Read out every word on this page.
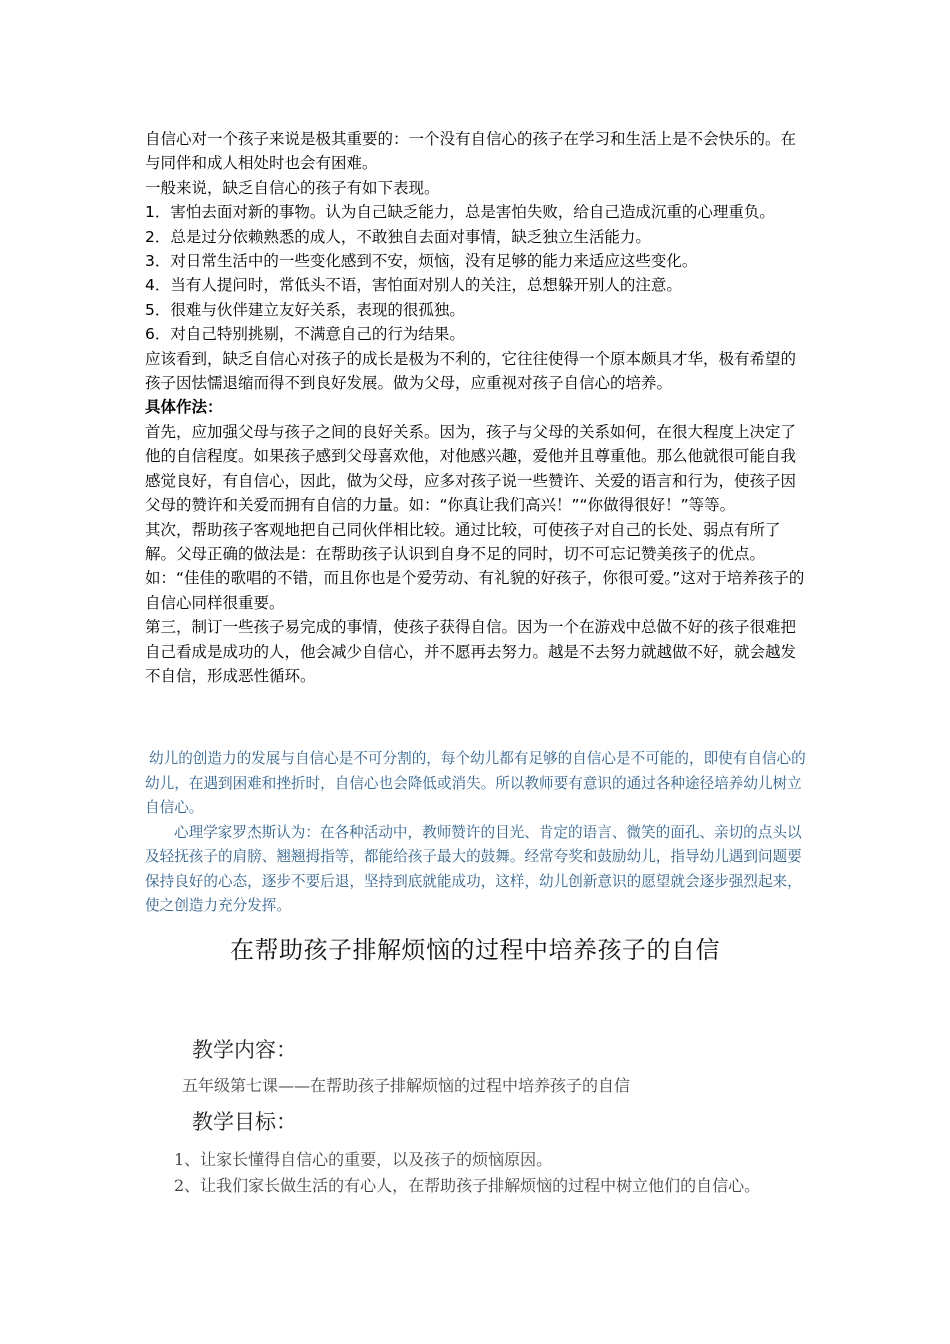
自信心对一个孩子来说是极其重要的：一个没有自信心的孩子在学习和生活上是不会快乐的。在与同伴和成人相处时也会有困难。

一般来说，缺乏自信心的孩子有如下表现。

1．害怕去面对新的事物。认为自己缺乏能力，总是害怕失败，给自己造成沉重的心理重负。

2．总是过分依赖熟悉的成人，不敢独自去面对事情，缺乏独立生活能力。

3．对日常生活中的一些变化感到不安，烦恼，没有足够的能力来适应这些变化。

4．当有人提问时，常低头不语，害怕面对别人的关注，总想躲开别人的注意。

5．很难与伙伴建立友好关系，表现的很孤独。

6．对自己特别挑剔，不满意自己的行为结果。

应该看到，缺乏自信心对孩子的成长是极为不利的，它往往使得一个原本颇具才华，极有希望的孩子因怯懦退缩而得不到良好发展。做为父母，应重视对孩子自信心的培养。

具体作法：

首先，应加强父母与孩子之间的良好关系。因为，孩子与父母的关系如何，在很大程度上决定了他的自信程度。如果孩子感到父母喜欢他，对他感兴趣，爱他并且尊重他。那么他就很可能自我感觉良好，有自信心，因此，做为父母，应多对孩子说一些赞许、关爱的语言和行为，使孩子因父母的赞许和关爱而拥有自信的力量。如：“你真让我们高兴！”“你做得很好！”等等。

其次，帮助孩子客观地把自己同伙伴相比较。通过比较，可使孩子对自己的长处、弱点有所了解。父母正确的做法是：在帮助孩子认识到自身不足的同时，切不可忘记赞美孩子的优点。如：“佳佳的歌唱的不错，而且你也是个爱劳动、有礼貌的好孩子，你很可爱。”这对于培养孩子的自信心同样很重要。

第三，制订一些孩子易完成的事情，使孩子获得自信。因为一个在游戏中总做不好的孩子很难把自己看成是成功的人，他会减少自信心，并不愿再去努力。越是不去努力就越做不好，就会越发不自信，形成恶性循环。

幼儿的创造力的发展与自信心是不可分割的，每个幼儿都有足够的自信心是不可能的，即使有自信心的幼儿，在遇到困难和挫折时，自信心也会降低或消失。所以教师要有意识的通过各种途径培养幼儿树立自信心。

心理学家罗杰斯认为：在各种活动中，教师赞许的目光、肯定的语言、微笑的面孔、亲切的点头以及轻抚孩子的肩膀、翘翘拇指等，都能给孩子最大的鼓舞。经常夸奖和鼓励幼儿，指导幼儿遇到问题要保持良好的心态，逐步不要后退，坚持到底就能成功，这样，幼儿创新意识的愿望就会逐步强烈起来，使之创造力充分发挥。

在帮助孩子排解烦恼的过程中培养孩子的自信
教学内容：
五年级第七课——在帮助孩子排解烦恼的过程中培养孩子的自信
教学目标：

1、让家长懂得自信心的重要，以及孩子的烦恼原因。

2、让我们家长做生活的有心人，在帮助孩子排解烦恼的过程中树立他们的自信心。
